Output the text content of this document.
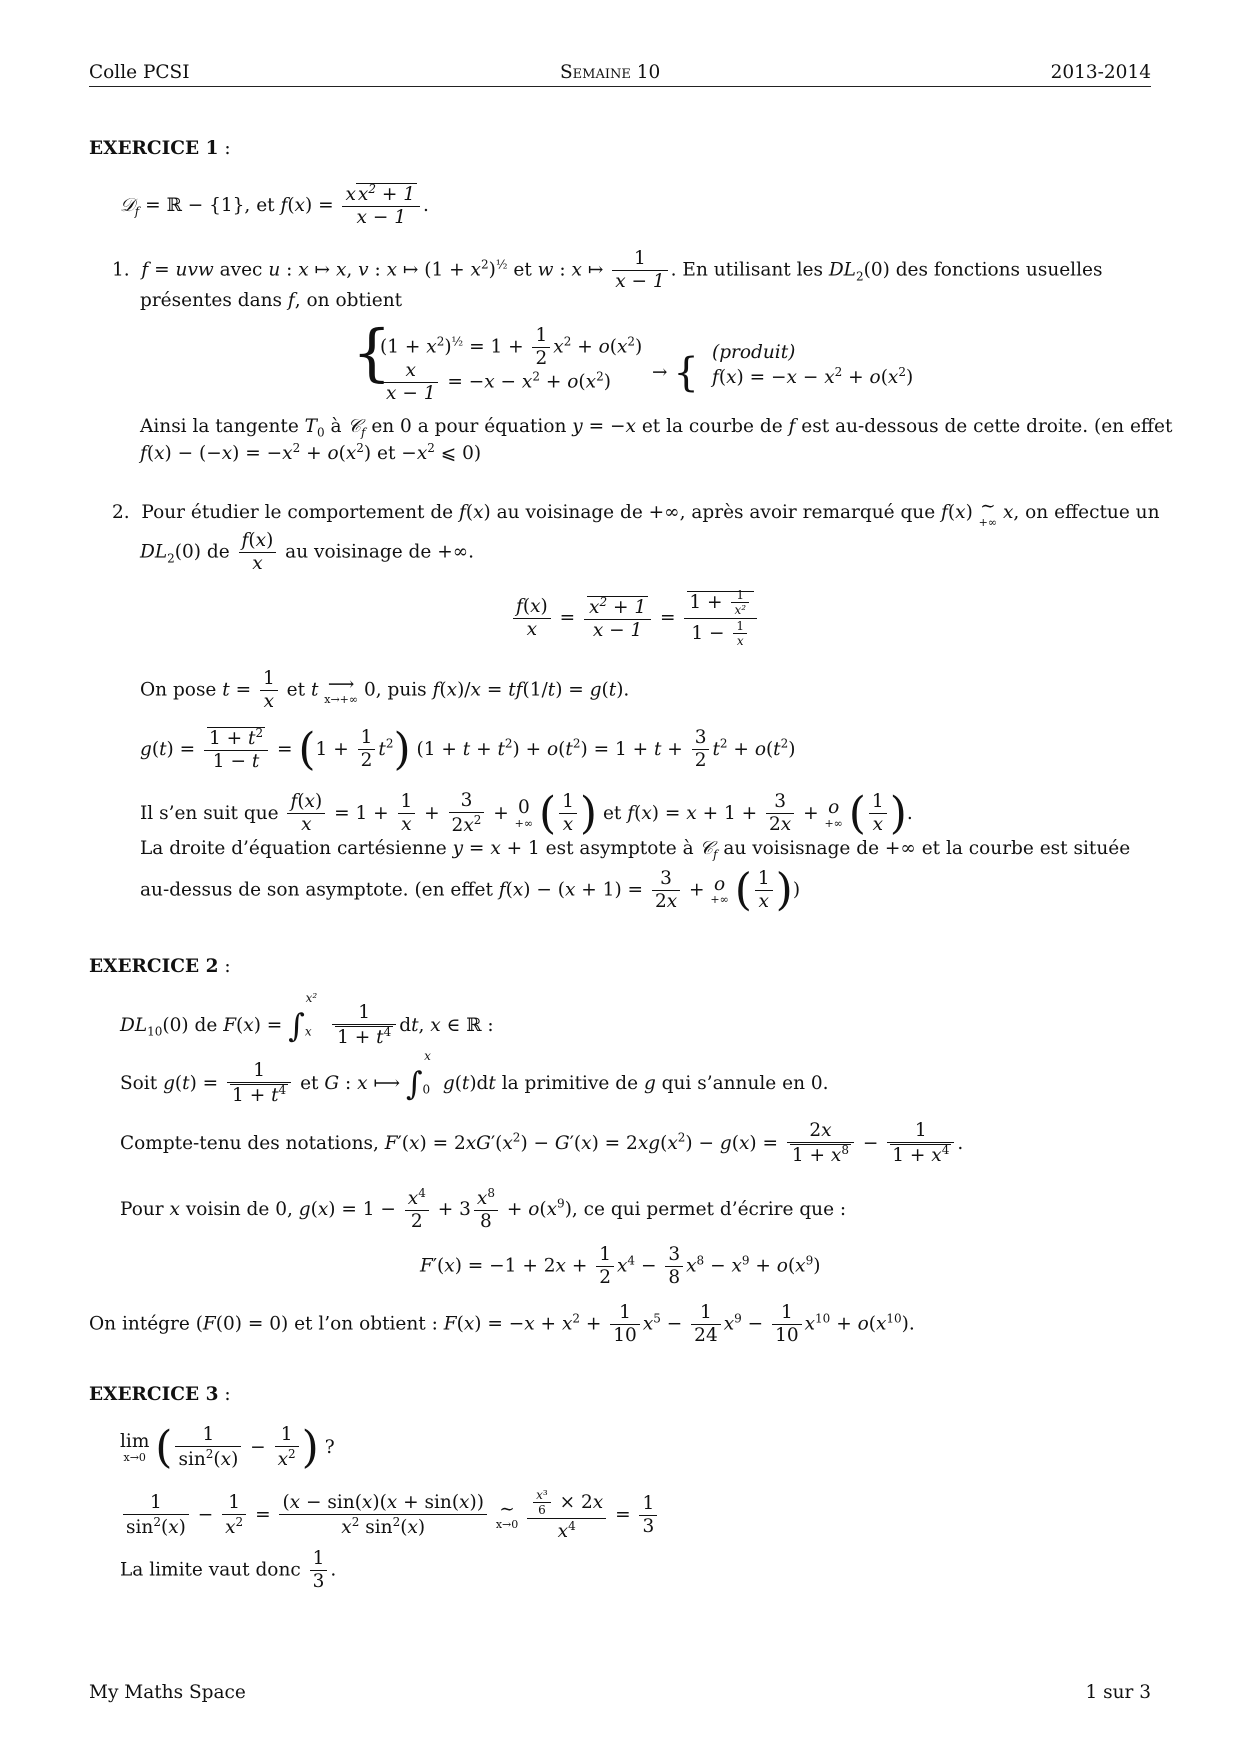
Colle PCSI	Semaine 10	2013-2014
EXERCICE 1 :
𝒟$_f$ = ℝ − {1}, et $f(x) = \frac{x x^2 + 1}{x - 1}$ .
1.  f = uvw avec u : x ↦ x, v : x ↦ $(1 + x^2)^{\frac{1}{2}}$ et w : x ↦ $\frac{1}{x - 1}$ . En utilisant les $DL_2(0)$ des fonctions usuelles
présentes dans f, on obtient
{
$(1 + x^2)^{\frac{1}{2}} = 1 + \frac{1}{2} x^2 + o(x^2)$
$\frac{x}{x - 1} = -x - x^2 + o(x^2)$ → { (produit)
$f(x) = -x - x^2 + o(x^2)$
Ainsi la tangente $T_0$ à 𝒞$_f$ en 0 a pour équation y = −x et la courbe de f est au-dessous de cette droite. (en effet
$f(x) - (-x) = -x^2 + o(x^2)$ et $-x^2$ ⩽ 0)
2.  Pour étudier le comportement de f(x) au voisinage de +∞, après avoir remarqué que f(x) ∼
+∞ x, on effectue un
$DL_2(0)$ de $\frac{f(x)}{x}$ au voisinage de +∞.
$\frac{f(x)}{x} = \frac{x^2 + 1}{x - 1} = \frac{1 + \frac{1}{\text{x²}}}{1 - \frac{1}{x}}$
On pose $t = \frac{1}{x}$ et t ⟶
x→+∞ 0, puis f(x)/x = tf(1/t) = g(t).
$g(t) = \frac{1 + t^2}{1 - t} = (1 + \frac{1}{2} t^2) (1 + t + t^2) + o(t^2) = 1 + t + \frac{3}{2} t^2 + o(t^2)$
Il s’en suit que $\frac{f(x)}{x} = 1 + \frac{1}{x} + \frac{3}{2x^2} + 0$
+∞ ( $\frac{1}{x}$ ) et $f(x) = x + 1 + \frac{3}{2x} + o$
+∞ ( $\frac{1}{x}$ ).
La droite d’équation cartésienne y = x + 1 est asymptote à 𝒞$_f$ au voisisnage de +∞ et la courbe est située
au-dessus de son asymptote. (en effet $f(x) - (x + 1) = \frac{3}{2x} + o$
+∞ ( $\frac{1}{x}$ ))
EXERCICE 2 :
$DL_{10}(0)$ de $F(x) = \int_x^{x^2}$
$\frac{1}{1 + t^4}$ dt, x ∈ ℝ :
Soit $g(t) = \frac{1}{1 + t^4}$ et G : x ⟼ $\int_0^x$ g(t)dt la primitive de g qui s’annule en 0.
Compte-tenu des notations, $F'(x) = 2xG'(x^2) - G'(x) = 2xg(x^2) - g(x) = \frac{2x}{1 + x^8} - \frac{1}{1 + x^4}$ .
Pour x voisin de 0, $g(x) = 1 - \frac{x^4}{2} + 3 \frac{x^8}{8} + o(x^9)$, ce qui permet d’écrire que :
$F'(x) = -1 + 2x + \frac{1}{2} x^4 - \frac{3}{8} x^8 - x^9 + o(x^9)$
On intégre (F(0) = 0) et l’on obtient : $F(x) = -x + x^2 + \frac{1}{10} x^5 - \frac{1}{24} x^9 - \frac{1}{10} x^{10} + o(x^{10})$.
EXERCICE 3 :
lim
x→0 ( $\frac{1}{\sin^2(x)} - \frac{1}{x^2}$ ) ?
$\frac{1}{\sin^2(x)} - \frac{1}{x^2} = \frac{(x - \sin(x)(x + \sin(x))}{x^2 \sin^2(x)}$
∼
x→0
$\frac{\frac{\text{x³}}{6} \times 2x}{x^4} = \frac{1}{3}$
La limite vaut donc $\frac{1}{3}$ .
My Maths Space	1 sur 3
